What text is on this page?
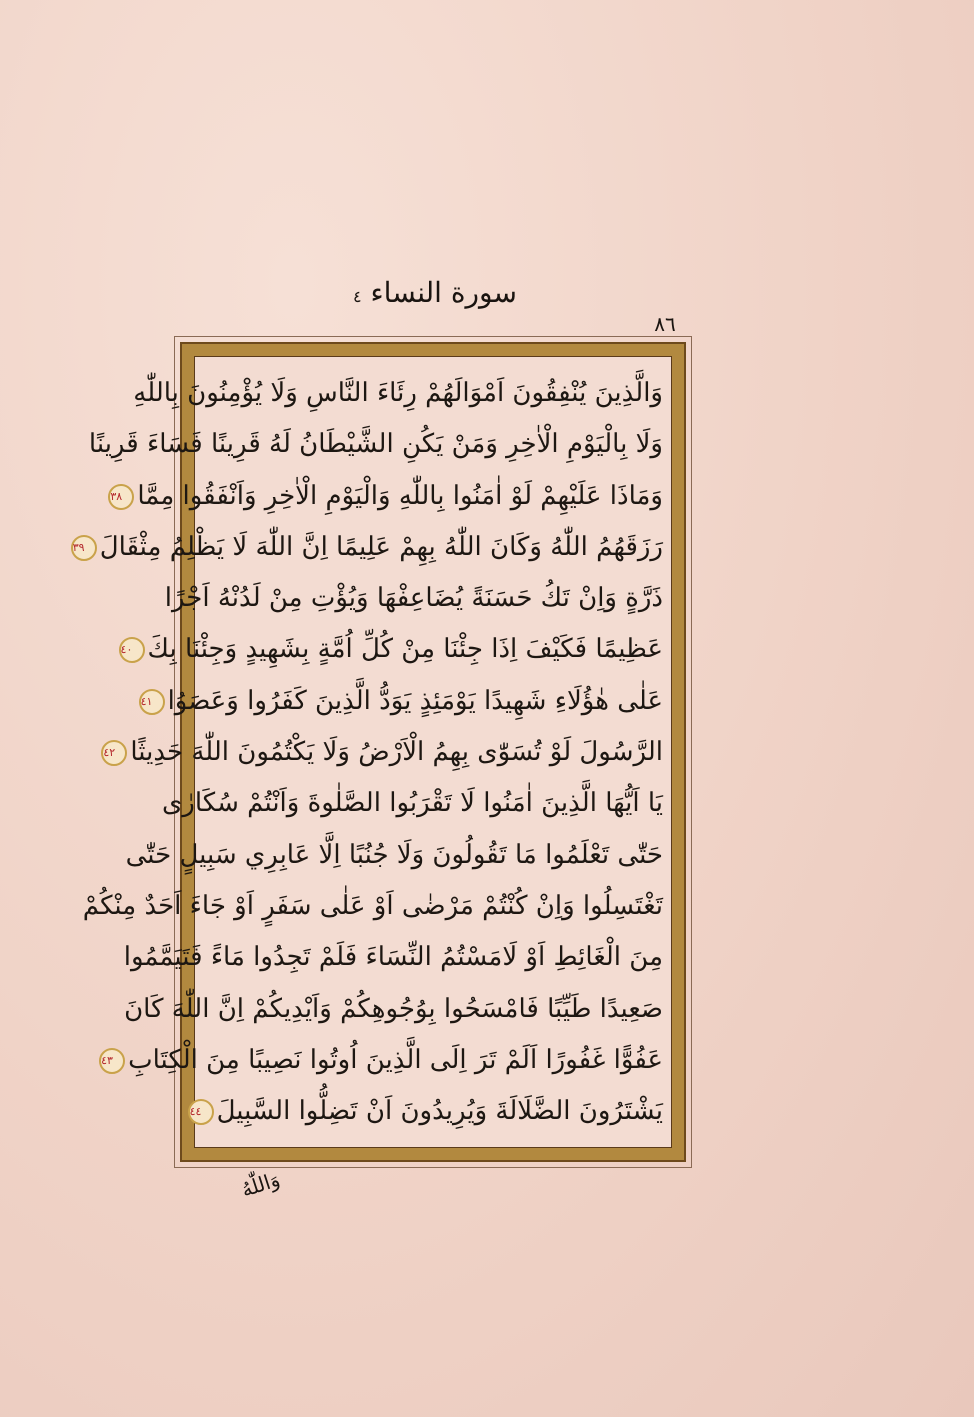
سورة النساء ٤
٨٦
وَالَّذِينَ يُنْفِقُونَ اَمْوَالَهُمْ رِئَاءَ النَّاسِ وَلَا يُؤْمِنُونَ بِاللّٰهِ
وَلَا بِالْيَوْمِ الْاٰخِرِ وَمَنْ يَكُنِ الشَّيْطَانُ لَهُ قَرِينًا فَسَاءَ قَرِينًا
وَمَاذَا عَلَيْهِمْ لَوْ اٰمَنُوا بِاللّٰهِ وَالْيَوْمِ الْاٰخِرِ وَاَنْفَقُوا مِمَّا٣٨
رَزَقَهُمُ اللّٰهُ وَكَانَ اللّٰهُ بِهِمْ عَلِيمًا اِنَّ اللّٰهَ لَا يَظْلِمُ مِثْقَالَ٣٩
ذَرَّةٍ وَاِنْ تَكُ حَسَنَةً يُضَاعِفْهَا وَيُؤْتِ مِنْ لَدُنْهُ اَجْرًا
عَظِيمًا فَكَيْفَ اِذَا جِئْنَا مِنْ كُلِّ اُمَّةٍ بِشَهِيدٍ وَجِئْنَا بِكَ٤٠
عَلٰى هٰؤُلَاءِ شَهِيدًا يَوْمَئِذٍ يَوَدُّ الَّذِينَ كَفَرُوا وَعَصَوُا٤١
الرَّسُولَ لَوْ تُسَوّٰى بِهِمُ الْاَرْضُ وَلَا يَكْتُمُونَ اللّٰهَ حَدِيثًا٤٢
يَا اَيُّهَا الَّذِينَ اٰمَنُوا لَا تَقْرَبُوا الصَّلٰوةَ وَاَنْتُمْ سُكَارٰى
حَتّٰى تَعْلَمُوا مَا تَقُولُونَ وَلَا جُنُبًا اِلَّا عَابِرِي سَبِيلٍ حَتّٰى
تَغْتَسِلُوا وَاِنْ كُنْتُمْ مَرْضٰى اَوْ عَلٰى سَفَرٍ اَوْ جَاءَ اَحَدٌ مِنْكُمْ
مِنَ الْغَائِطِ اَوْ لَامَسْتُمُ النِّسَاءَ فَلَمْ تَجِدُوا مَاءً فَتَيَمَّمُوا
صَعِيدًا طَيِّبًا فَامْسَحُوا بِوُجُوهِكُمْ وَاَيْدِيكُمْ اِنَّ اللّٰهَ كَانَ
عَفُوًّا غَفُورًا اَلَمْ تَرَ اِلَى الَّذِينَ اُوتُوا نَصِيبًا مِنَ الْكِتَابِ٤٣
يَشْتَرُونَ الضَّلَالَةَ وَيُرِيدُونَ اَنْ تَضِلُّوا السَّبِيلَ٤٤
وَاللّٰهُ
